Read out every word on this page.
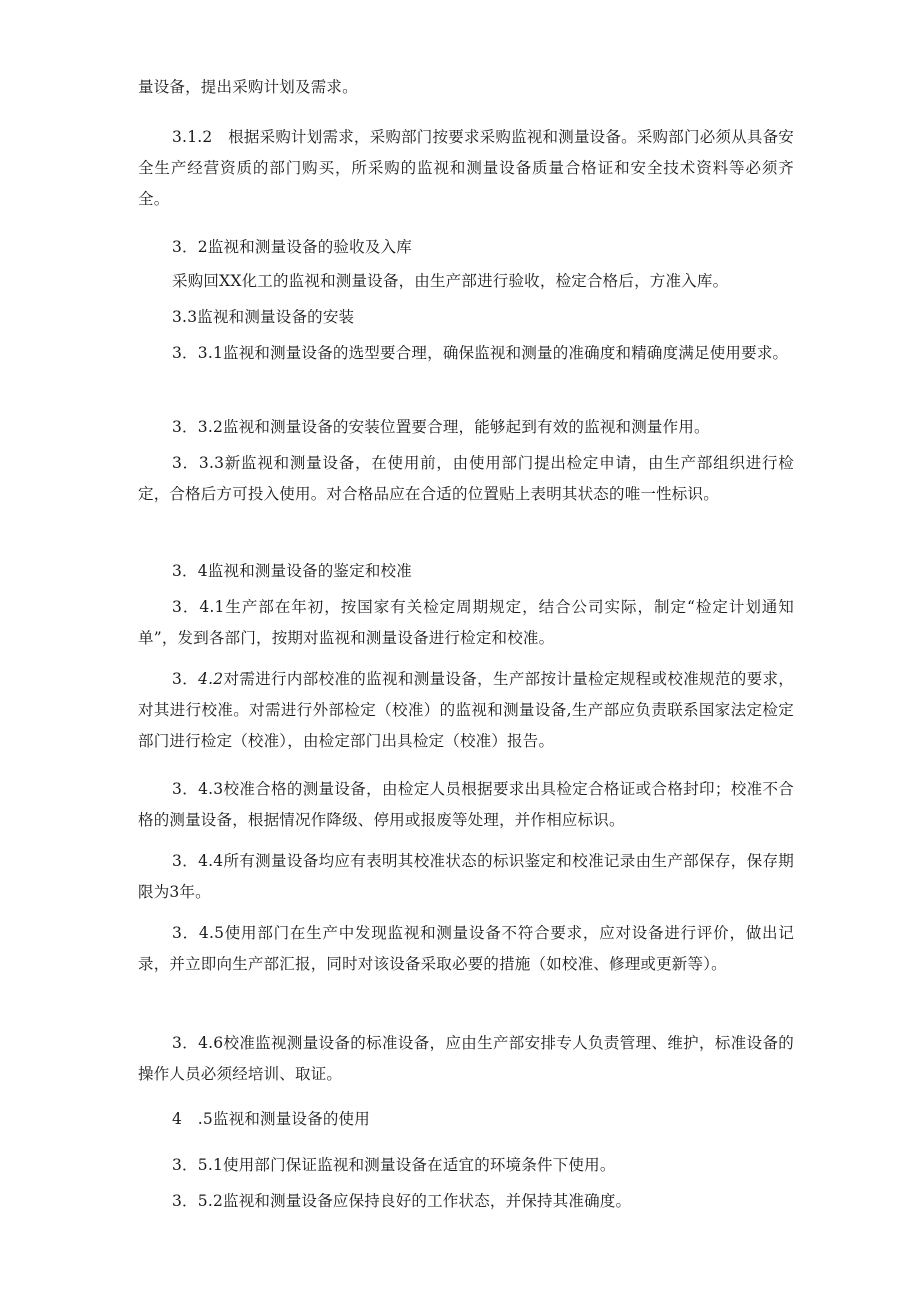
量设备，提出采购计划及需求。

3.1.2　根据采购计划需求，采购部门按要求采购监视和测量设备。采购部门必须从具备安全生产经营资质的部门购买，所采购的监视和测量设备质量合格证和安全技术资料等必须齐全。

3．2监视和测量设备的验收及入库

采购回XX化工的监视和测量设备，由生产部进行验收，检定合格后，方准入库。

3.3监视和测量设备的安装

3．3.1监视和测量设备的选型要合理，确保监视和测量的准确度和精确度满足使用要求。

3．3.2监视和测量设备的安装位置要合理，能够起到有效的监视和测量作用。

3．3.3新监视和测量设备，在使用前，由使用部门提出检定申请，由生产部组织进行检定，合格后方可投入使用。对合格品应在合适的位置贴上表明其状态的唯一性标识。

3．4监视和测量设备的鉴定和校准

3．4.1生产部在年初，按国家有关检定周期规定，结合公司实际，制定“检定计划通知单”，发到各部门，按期对监视和测量设备进行检定和校准。

3．4.2对需进行内部校准的监视和测量设备，生产部按计量检定规程或校准规范的要求，对其进行校准。对需进行外部检定（校准）的监视和测量设备,生产部应负责联系国家法定检定部门进行检定（校准），由检定部门出具检定（校准）报告。

3．4.3校准合格的测量设备，由检定人员根据要求出具检定合格证或合格封印；校准不合格的测量设备，根据情况作降级、停用或报废等处理，并作相应标识。

3．4.4所有测量设备均应有表明其校准状态的标识鉴定和校准记录由生产部保存，保存期限为3年。

3．4.5使用部门在生产中发现监视和测量设备不符合要求，应对设备进行评价，做出记录，并立即向生产部汇报，同时对该设备采取必要的措施（如校准、修理或更新等）。

3．4.6校准监视测量设备的标准设备，应由生产部安排专人负责管理、维护，标准设备的操作人员必须经培训、取证。

4　.5监视和测量设备的使用

3．5.1使用部门保证监视和测量设备在适宜的环境条件下使用。

3．5.2监视和测量设备应保持良好的工作状态，并保持其准确度。
